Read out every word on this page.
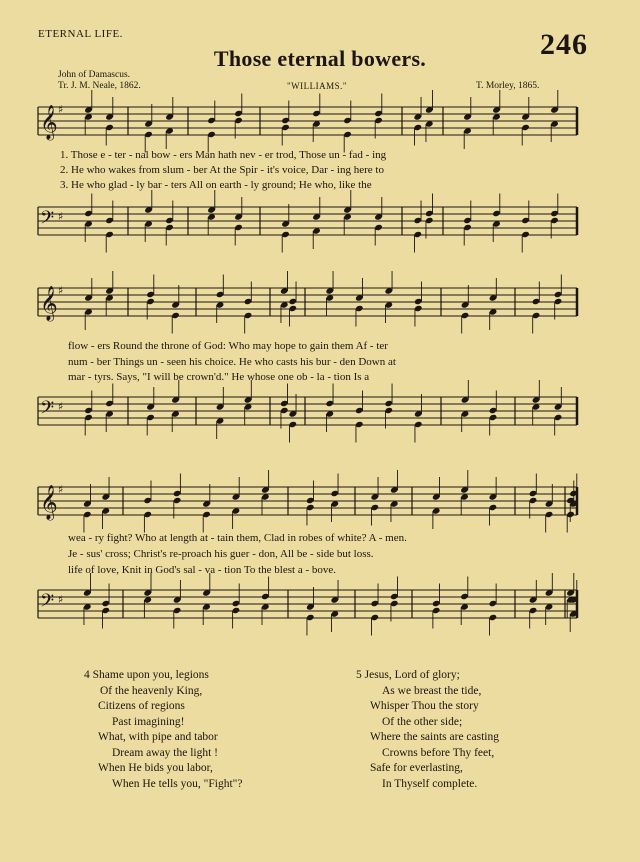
ETERNAL LIFE.	246
Those eternal bowers.
John of Damascus.
Tr. J. M. Neale, 1862.	"WILLIAMS."	T. Morley, 1865.
𝄞 ♯
1. Those e - ter - nal bow - ers Man hath nev - er trod, Those un - fad - ing
2. He who wakes from slum - ber At the Spir - it's voice, Dar - ing here to
3. He who glad - ly bar - ters All on earth - ly ground; He who, like the
𝄢 ♯
𝄞 ♯
flow - ers Round the throne of God: Who may hope to gain them Af - ter
num - ber Things un - seen his choice. He who casts his bur - den Down at
mar - tyrs. Says, "I will be crown'd." He whose one ob - la - tion Is a
𝄢 ♯
𝄞 ♯
wea - ry fight? Who at length at - tain them, Clad in robes of white? A - men.
Je - sus' cross; Christ's re-proach his guer - don, All be - side but loss.
life of love, Knit in God's sal - va - tion To the blest a - bove.
𝄢 ♯
4 Shame upon you, legions
Of the heavenly King,
Citizens of regions
Past imagining!
What, with pipe and tabor
Dream away the light !
When He bids you labor,
When He tells you, "Fight"?
5 Jesus, Lord of glory;
As we breast the tide,
Whisper Thou the story
Of the other side;
Where the saints are casting
Crowns before Thy feet,
Safe for everlasting,
In Thyself complete.
